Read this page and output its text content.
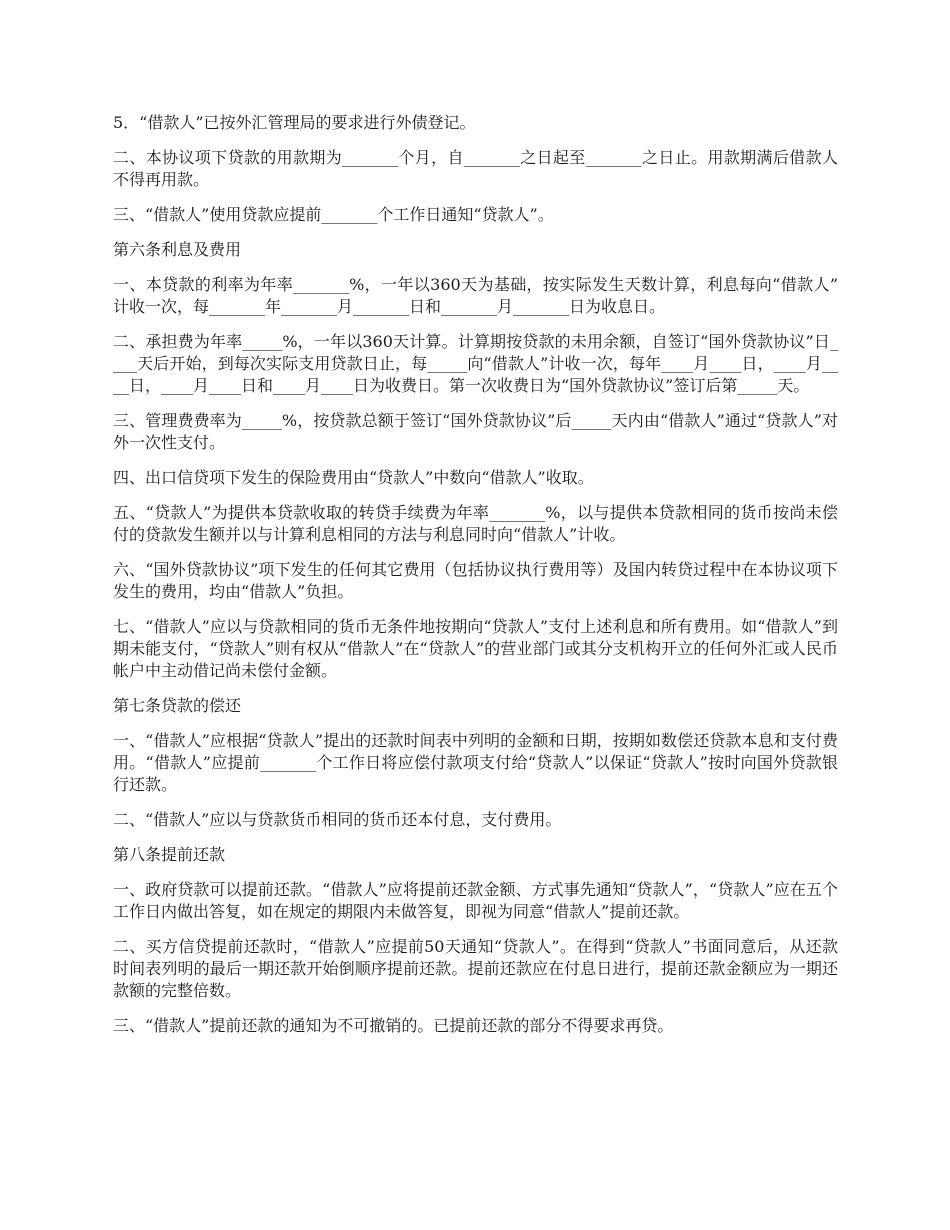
5．“借款人”已按外汇管理局的要求进行外债登记。

二、本协议项下贷款的用款期为_______个月，自_______之日起至_______之日止。用款期满后借款人不得再用款。

三、“借款人”使用贷款应提前_______个工作日通知“贷款人”。

第六条利息及费用

一、本贷款的利率为年率_______%，一年以360天为基础，按实际发生天数计算，利息每向“借款人”计收一次，每_______年_______月_______日和_______月_______日为收息日。

二、承担费为年率_____%，一年以360天计算。计算期按贷款的未用余额，自签订“国外贷款协议”日____天后开始，到每次实际支用贷款日止，每_____向“借款人”计收一次，每年____月____日，____月____日，____月____日和____月____日为收费日。第一次收费日为“国外贷款协议”签订后第_____天。

三、管理费费率为_____%，按贷款总额于签订“国外贷款协议”后_____天内由“借款人”通过“贷款人”对外一次性支付。

四、出口信贷项下发生的保险费用由“贷款人”中数向“借款人”收取。

五、“贷款人”为提供本贷款收取的转贷手续费为年率_______%，以与提供本贷款相同的货币按尚未偿付的贷款发生额并以与计算利息相同的方法与利息同时向“借款人”计收。

六、“国外贷款协议”项下发生的任何其它费用（包括协议执行费用等）及国内转贷过程中在本协议项下发生的费用，均由“借款人”负担。

七、“借款人”应以与贷款相同的货币无条件地按期向“贷款人”支付上述利息和所有费用。如“借款人”到期未能支付，“贷款人”则有权从“借款人”在“贷款人”的营业部门或其分支机构开立的任何外汇或人民币帐户中主动借记尚未偿付金额。

第七条贷款的偿还

一、“借款人”应根据“贷款人”提出的还款时间表中列明的金额和日期，按期如数偿还贷款本息和支付费用。“借款人”应提前_______个工作日将应偿付款项支付给“贷款人”以保证“贷款人”按时向国外贷款银行还款。

二、“借款人”应以与贷款货币相同的货币还本付息，支付费用。

第八条提前还款

一、政府贷款可以提前还款。“借款人”应将提前还款金额、方式事先通知“贷款人”，“贷款人”应在五个工作日内做出答复，如在规定的期限内未做答复，即视为同意“借款人”提前还款。

二、买方信贷提前还款时，“借款人”应提前50天通知“贷款人”。在得到“贷款人”书面同意后，从还款时间表列明的最后一期还款开始倒顺序提前还款。提前还款应在付息日进行，提前还款金额应为一期还款额的完整倍数。

三、“借款人”提前还款的通知为不可撤销的。已提前还款的部分不得要求再贷。
